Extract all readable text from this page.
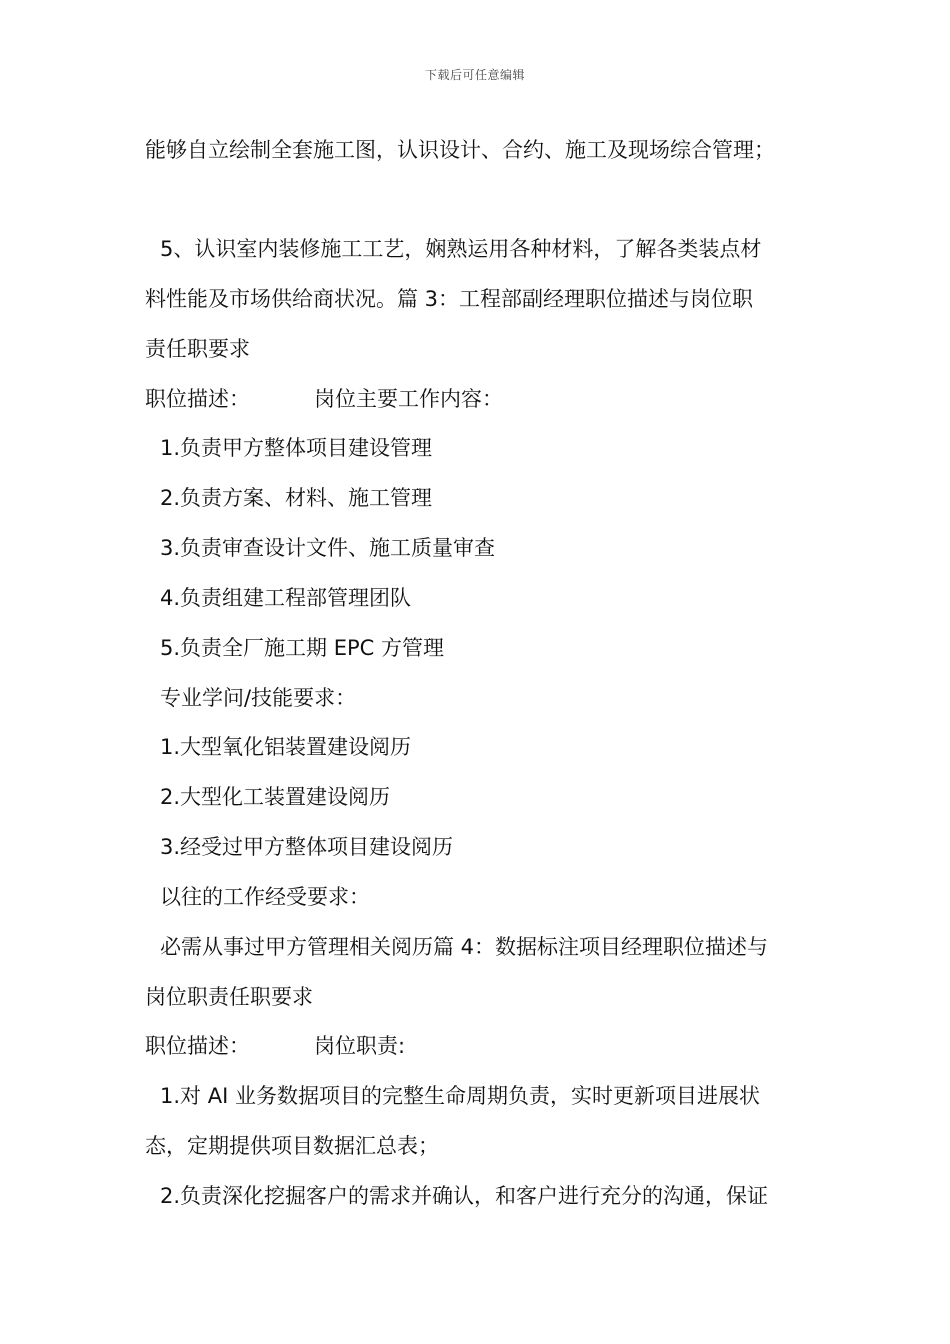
下载后可任意编辑
能够自立绘制全套施工图，认识设计、合约、施工及现场综合管理；
5、认识室内装修施工工艺，娴熟运用各种材料，了解各类装点材
料性能及市场供给商状况。篇 3：工程部副经理职位描述与岗位职
责任职要求
职位描述：	岗位主要工作内容：
1.负责甲方整体项目建设管理
2.负责方案、材料、施工管理
3.负责审查设计文件、施工质量审查
4.负责组建工程部管理团队
5.负责全厂施工期 EPC 方管理
专业学问/技能要求：
1.大型氧化铝装置建设阅历
2.大型化工装置建设阅历
3.经受过甲方整体项目建设阅历
以往的工作经受要求：
必需从事过甲方管理相关阅历篇 4：数据标注项目经理职位描述与
岗位职责任职要求
职位描述：	岗位职责:
1.对 AI 业务数据项目的完整生命周期负责，实时更新项目进展状
态，定期提供项目数据汇总表；
2.负责深化挖掘客户的需求并确认，和客户进行充分的沟通，保证
